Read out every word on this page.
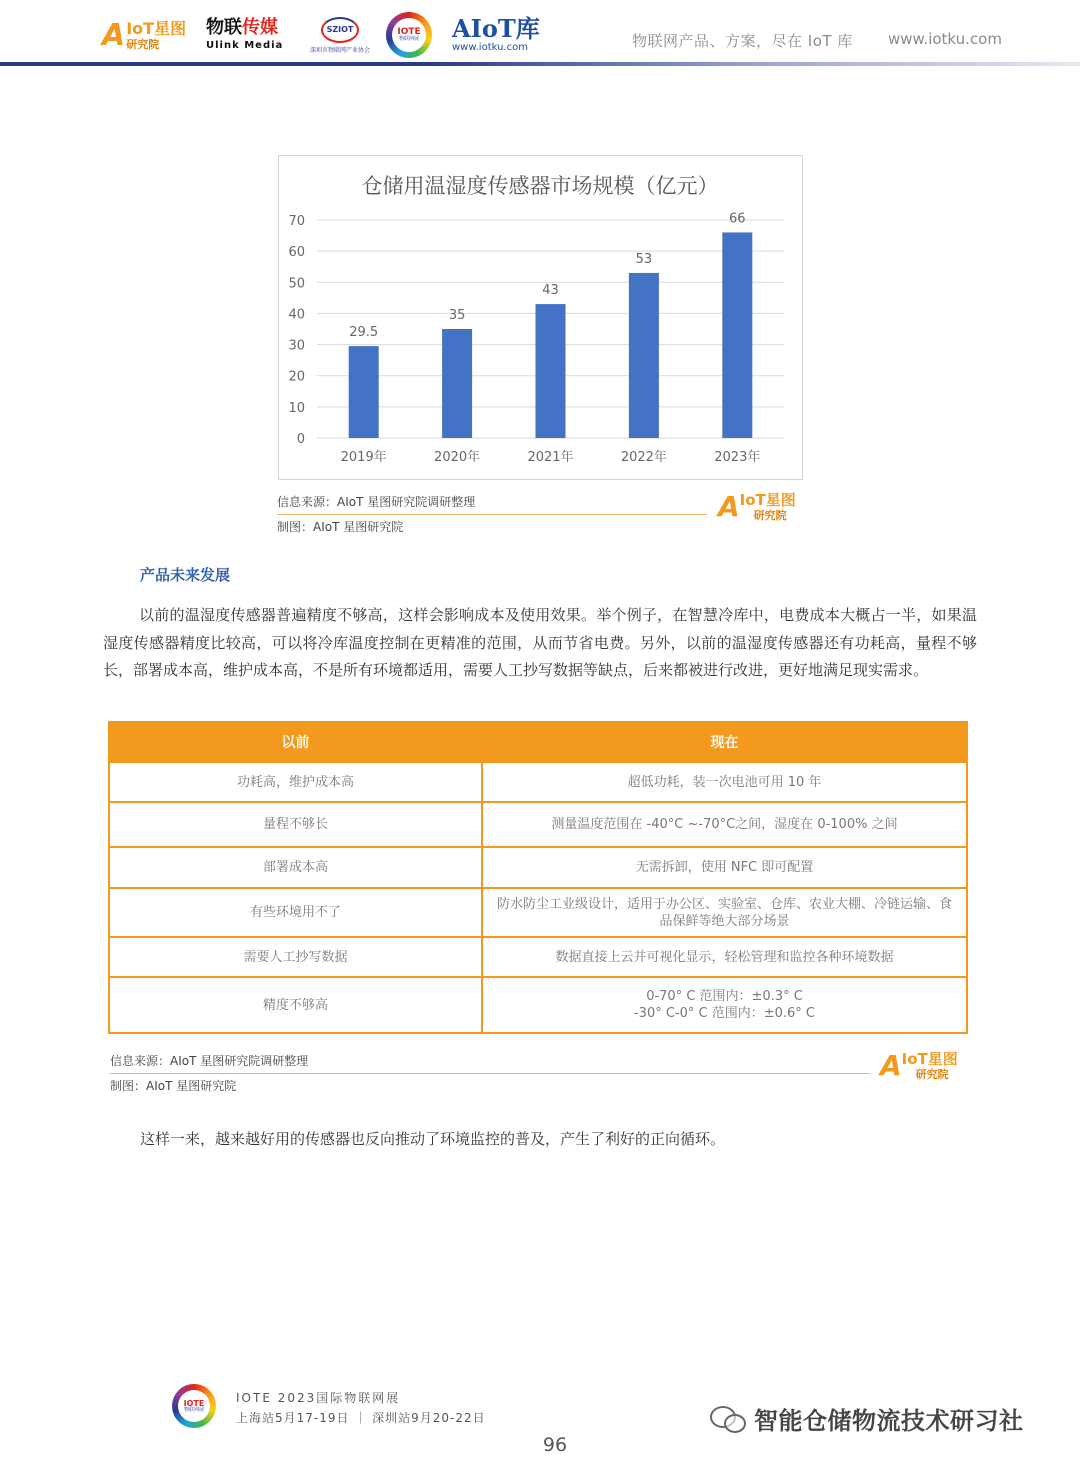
A IoT星图
研究院
物联传媒
Ulink Media
SZIOT
深圳市物联网产业协会
IOTE
物联网展 AIoT库
www.iotku.com	物联网产品、方案，尽在 IoT 库 www.iotku.com
仓储用温湿度传感器市场规模（亿元）
0
10
20
30
40
50
60
70
29.5
2019年
35
2020年
43
2021年
53
2022年
66
2023年
信息来源：AIoT 星图研究院调研整理
制图：AIoT 星图研究院
A IoT星图
研究院
产品未来发展
以前的温湿度传感器普遍精度不够高，这样会影响成本及使用效果。举个例子，在智慧冷库中，电费成本大概占一半，如果温湿度传感器精度比较高，可以将冷库温度控制在更精准的范围，从而节省电费。另外，以前的温湿度传感器还有功耗高，量程不够长，部署成本高，维护成本高，不是所有环境都适用，需要人工抄写数据等缺点，后来都被进行改进，更好地满足现实需求。
以前	现在
功耗高，维护成本高	超低功耗，装一次电池可用 10 年
量程不够长	测量温度范围在 -40°C ~-70°C之间，湿度在 0-100% 之间
部署成本高	无需拆卸，使用 NFC 即可配置
有些环境用不了	防水防尘工业级设计，适用于办公区、实验室、仓库、农业大棚、冷链运输、食品保鲜等绝大部分场景
需要人工抄写数据	数据直接上云并可视化显示，轻松管理和监控各种环境数据
精度不够高	0-70° C 范围内：±0.3° C
-30° C-0° C 范围内：±0.6° C
信息来源：AIoT 星图研究院调研整理
制图：AIoT 星图研究院
A IoT星图
研究院
这样一来，越来越好用的传感器也反向推动了环境监控的普及，产生了利好的正向循环。
IOTE
物联网展
IOTE 2023国际物联网展
上海站5月17-19日 ｜ 深圳站9月20-22日	智能仓储物流技术研习社
96
